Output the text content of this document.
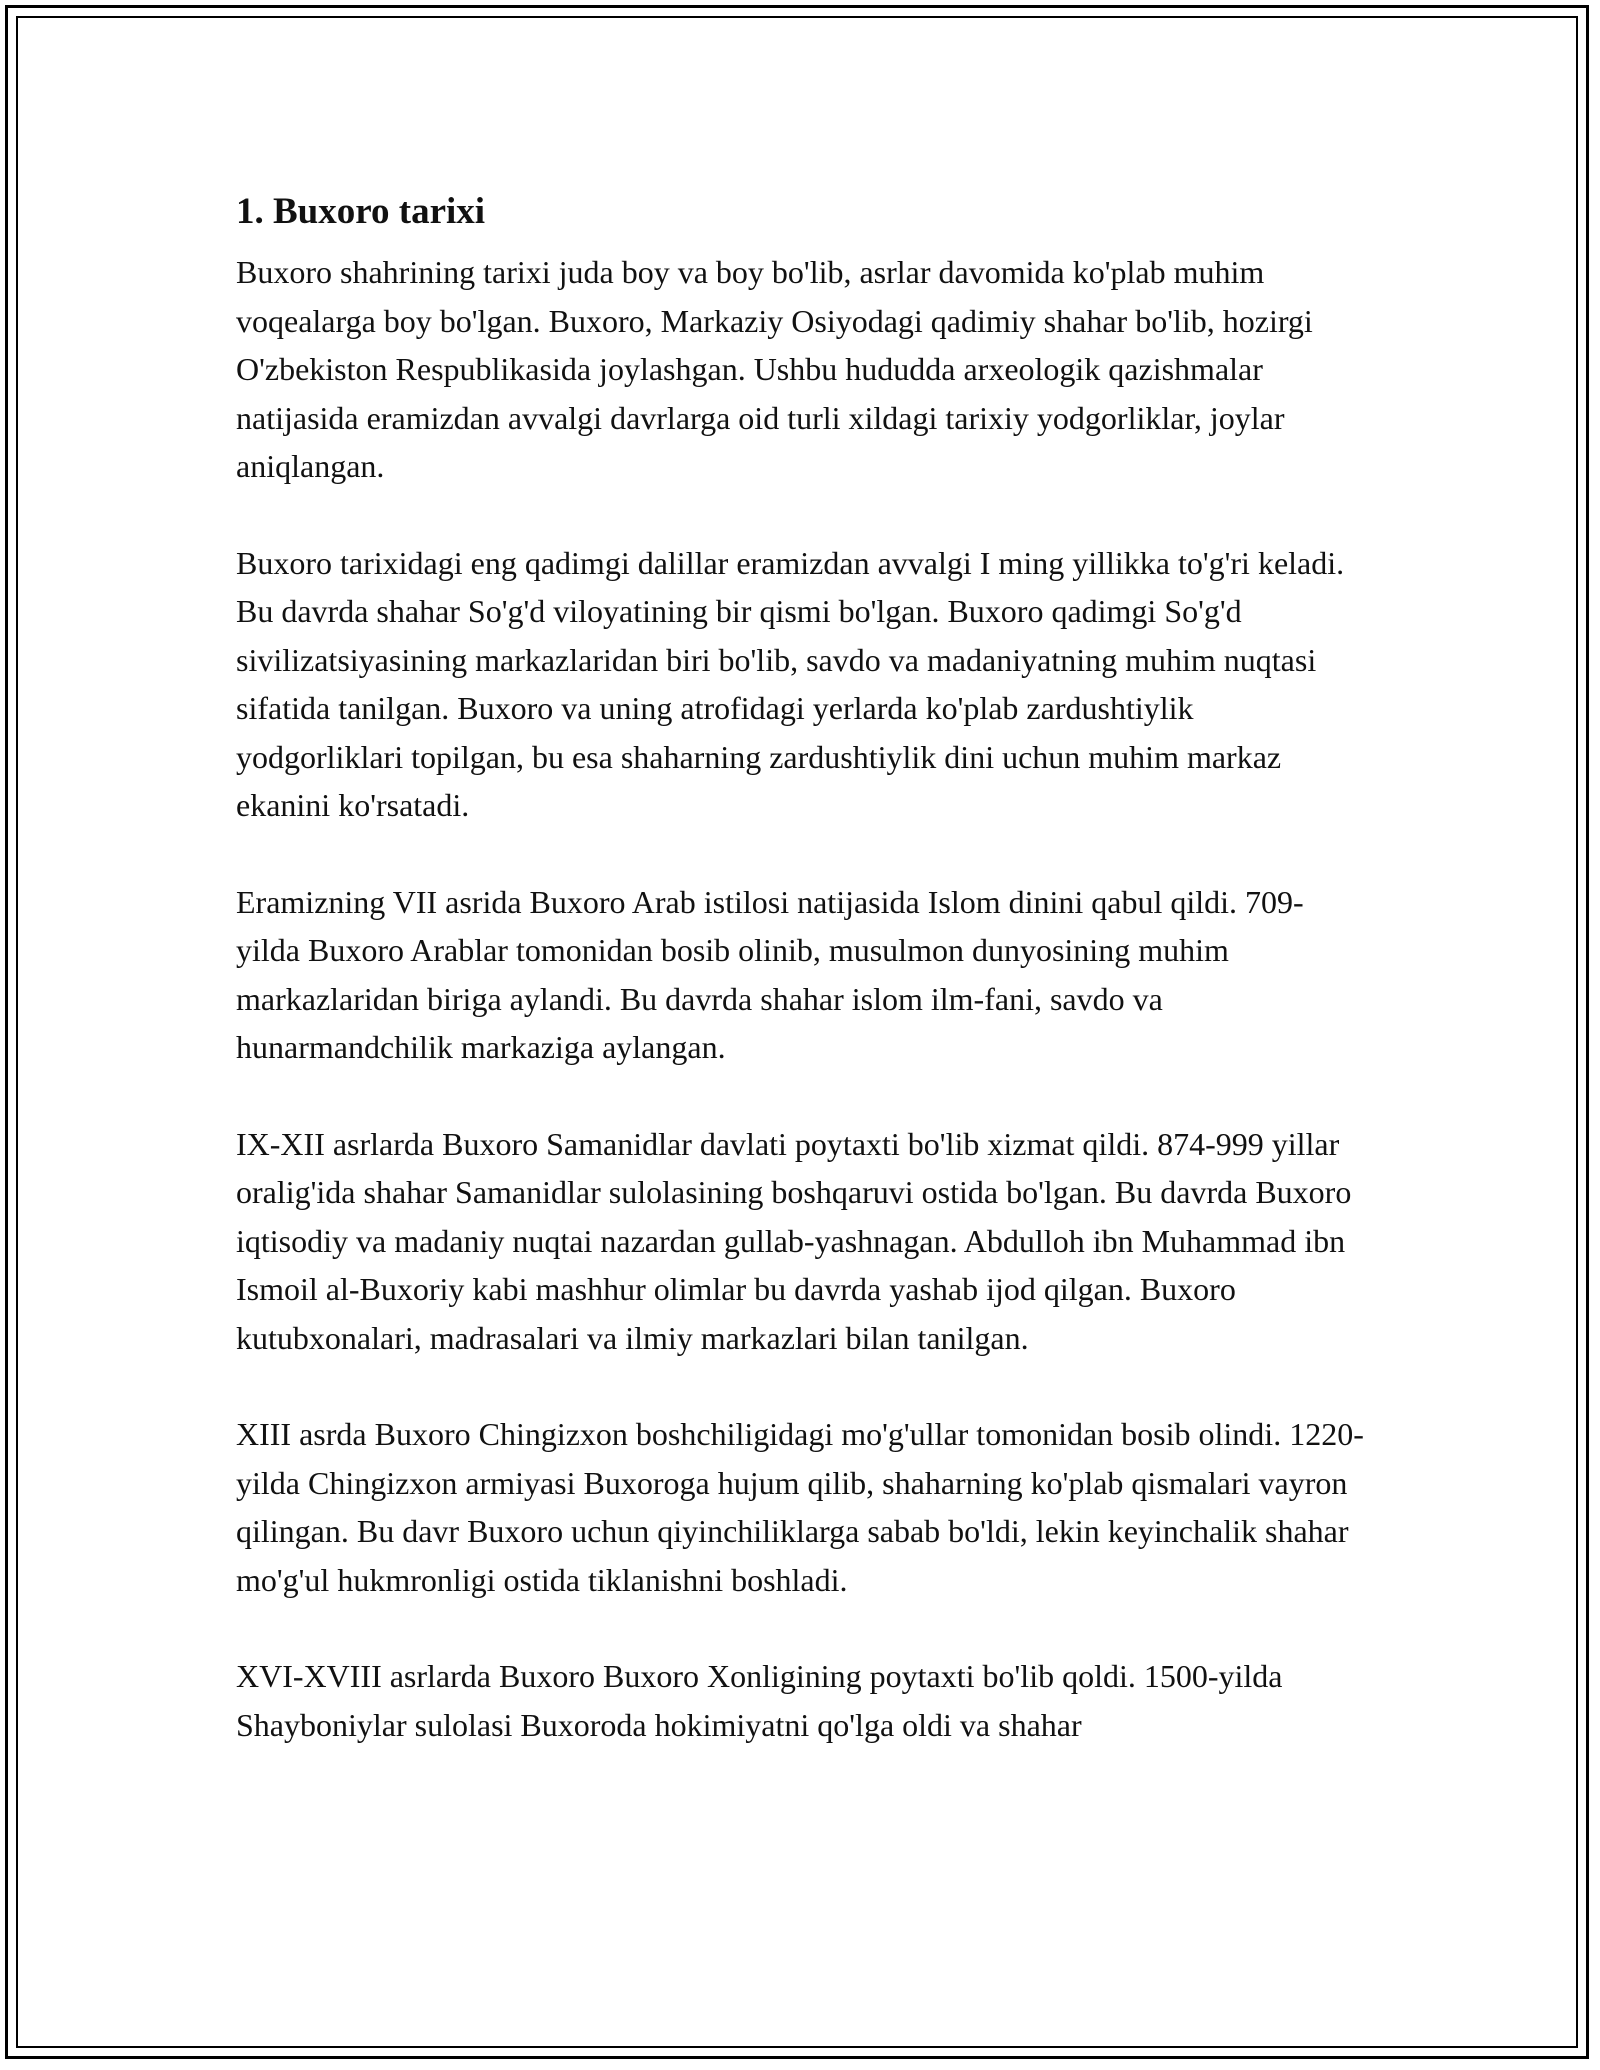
1. Buxoro tarixi

Buxoro shahrining tarixi juda boy va boy bo'lib, asrlar davomida ko'plab muhim voqealarga boy bo'lgan. Buxoro, Markaziy Osiyodagi qadimiy shahar bo'lib, hozirgi O'zbekiston Respublikasida joylashgan. Ushbu hududda arxeologik qazishmalar natijasida eramizdan avvalgi davrlarga oid turli xildagi tarixiy yodgorliklar, joylar aniqlangan.

Buxoro tarixidagi eng qadimgi dalillar eramizdan avvalgi I ming yillikka to'g'ri keladi. Bu davrda shahar So'g'd viloyatining bir qismi bo'lgan. Buxoro qadimgi So'g'd sivilizatsiyasining markazlaridan biri bo'lib, savdo va madaniyatning muhim nuqtasi sifatida tanilgan. Buxoro va uning atrofidagi yerlarda ko'plab zardushtiylik yodgorliklari topilgan, bu esa shaharning zardushtiylik dini uchun muhim markaz ekanini ko'rsatadi.

Eramizning VII asrida Buxoro Arab istilosi natijasida Islom dinini qabul qildi. 709-yilda Buxoro Arablar tomonidan bosib olinib, musulmon dunyosining muhim markazlaridan biriga aylandi. Bu davrda shahar islom ilm-fani, savdo va hunarmandchilik markaziga aylangan.

IX-XII asrlarda Buxoro Samanidlar davlati poytaxti bo'lib xizmat qildi. 874-999 yillar oralig'ida shahar Samanidlar sulolasining boshqaruvi ostida bo'lgan. Bu davrda Buxoro iqtisodiy va madaniy nuqtai nazardan gullab-yashnagan. Abdulloh ibn Muhammad ibn Ismoil al-Buxoriy kabi mashhur olimlar bu davrda yashab ijod qilgan. Buxoro kutubxonalari, madrasalari va ilmiy markazlari bilan tanilgan.

XIII asrda Buxoro Chingizxon boshchiligidagi mo'g'ullar tomonidan bosib olindi. 1220-yilda Chingizxon armiyasi Buxoroga hujum qilib, shaharning ko'plab qismalari vayron qilingan. Bu davr Buxoro uchun qiyinchiliklarga sabab bo'ldi, lekin keyinchalik shahar mo'g'ul hukmronligi ostida tiklanishni boshladi.

XVI-XVIII asrlarda Buxoro Buxoro Xonligining poytaxti bo'lib qoldi. 1500-yilda Shayboniylar sulolasi Buxoroda hokimiyatni qo'lga oldi va shahar
